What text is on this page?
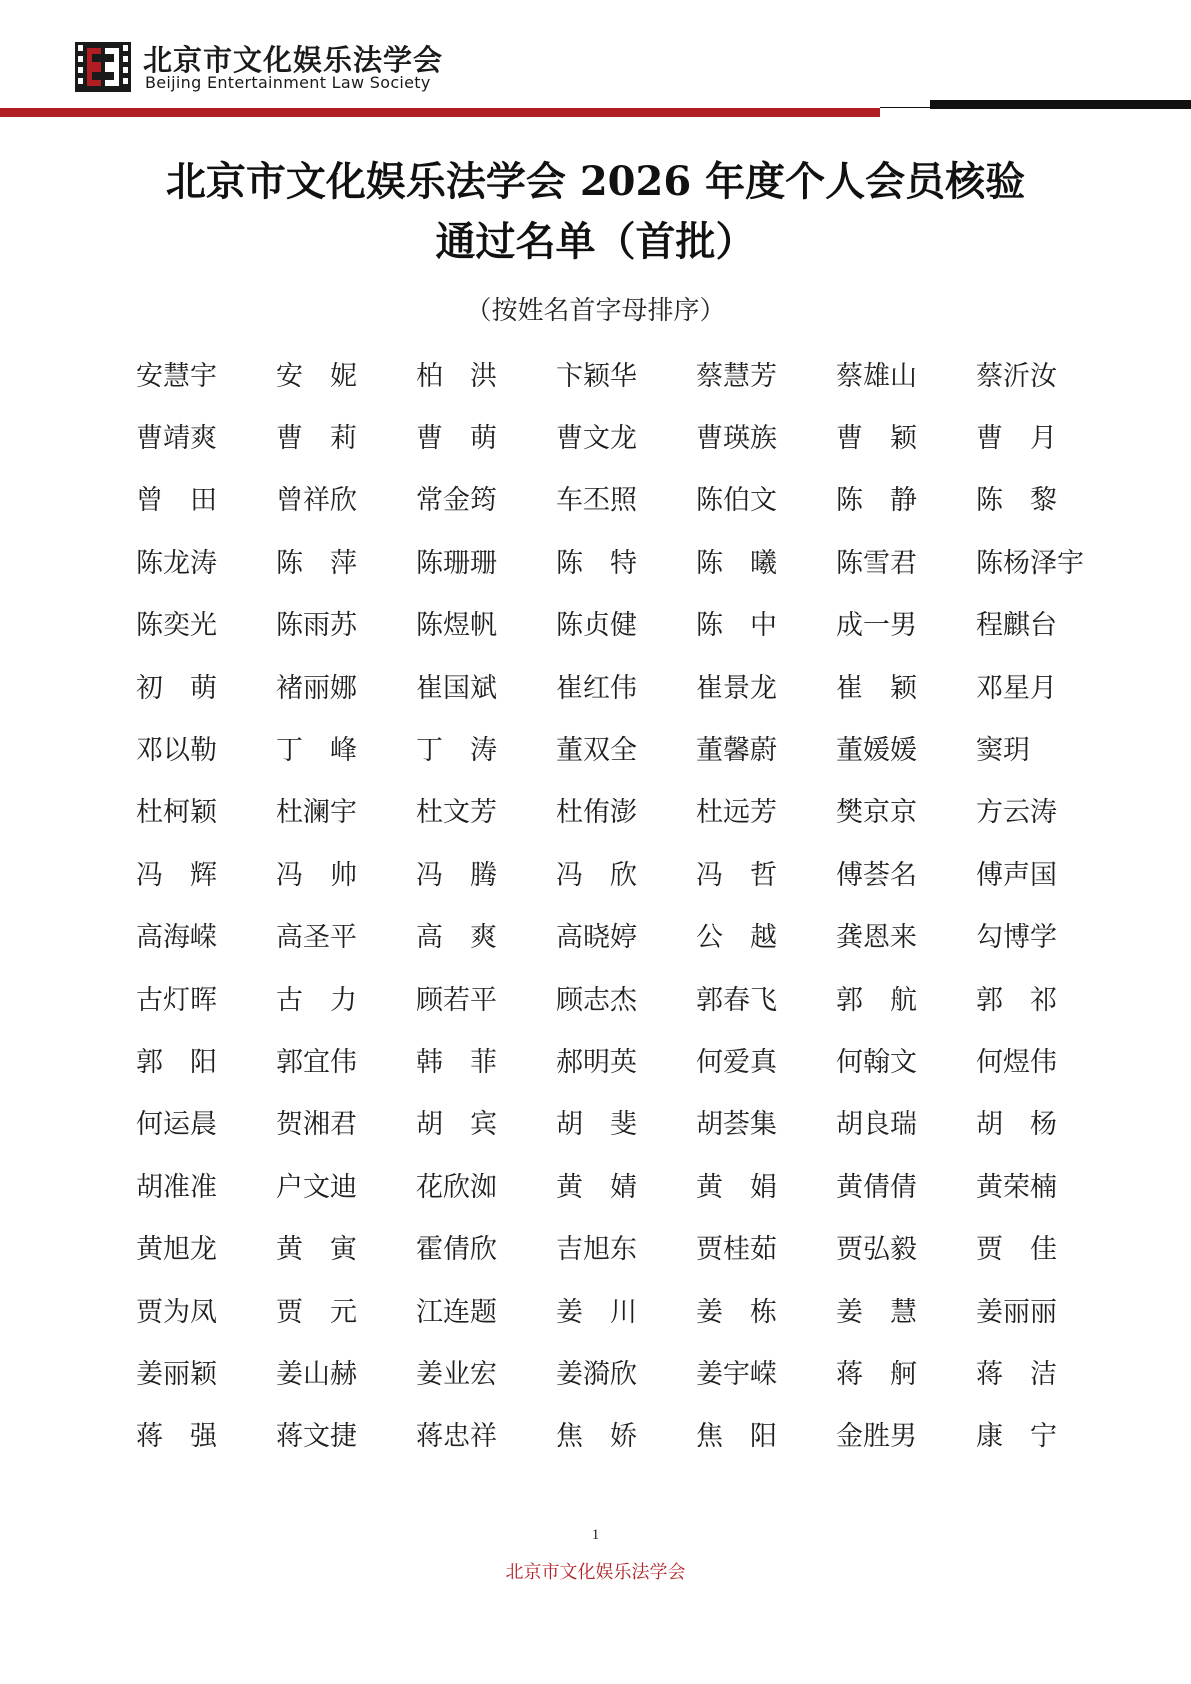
北京市文化娱乐法学会
Beijing Entertainment Law Society
北京市文化娱乐法学会 2026 年度个人会员核验
通过名单（首批）
（按姓名首字母排序）
安慧宇	安　妮	柏　洪	卞颖华	蔡慧芳	蔡雄山	蔡沂汝
曹靖爽	曹　莉	曹　萌	曹文龙	曹瑛族	曹　颖	曹　月
曾　田	曾祥欣	常金筠	车丕照	陈伯文	陈　静	陈　黎
陈龙涛	陈　萍	陈珊珊	陈　特	陈　曦	陈雪君	陈杨泽宇
陈奕光	陈雨苏	陈煜帆	陈贞健	陈　中	成一男	程麒台
初　萌	褚丽娜	崔国斌	崔红伟	崔景龙	崔　颖	邓星月
邓以勒	丁　峰	丁　涛	董双全	董馨蔚	董媛媛	窦玥
杜柯颖	杜澜宇	杜文芳	杜侑澎	杜远芳	樊京京	方云涛
冯　辉	冯　帅	冯　腾	冯　欣	冯　哲	傅荟名	傅声国
高海嵘	高圣平	高　爽	高晓婷	公　越	龚恩来	勾博学
古灯晖	古　力	顾若平	顾志杰	郭春飞	郭　航	郭　祁
郭　阳	郭宜伟	韩　菲	郝明英	何爱真	何翰文	何煜伟
何运晨	贺湘君	胡　宾	胡　斐	胡荟集	胡良瑞	胡　杨
胡准准	户文迪	花欣洳	黄　婧	黄　娟	黄倩倩	黄荣楠
黄旭龙	黄　寅	霍倩欣	吉旭东	贾桂茹	贾弘毅	贾　佳
贾为凤	贾　元	江连题	姜　川	姜　栋	姜　慧	姜丽丽
姜丽颖	姜山赫	姜业宏	姜漪欣	姜宇嵘	蒋　舸	蒋　洁
蒋　强	蒋文捷	蒋忠祥	焦　娇	焦　阳	金胜男	康　宁
1
北京市文化娱乐法学会
